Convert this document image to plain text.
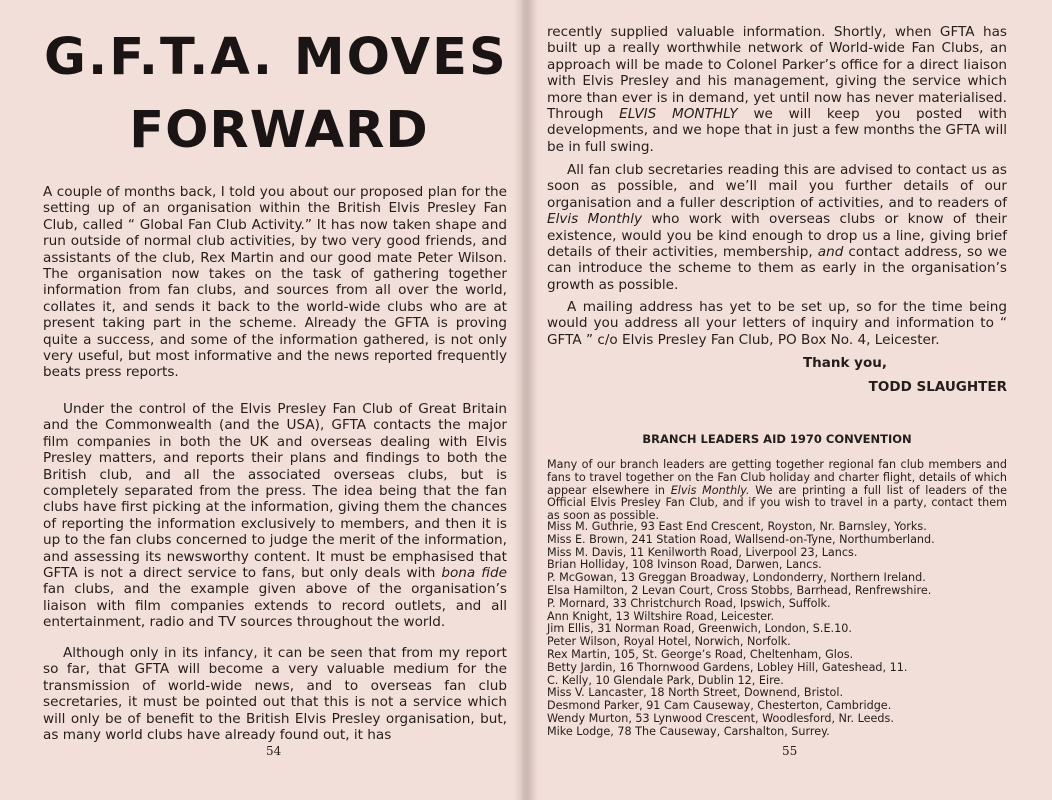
G.F.T.A. MOVES
FORWARD

A couple of months back, I told you about our proposed plan for the setting up of an organisation within the British Elvis Presley Fan Club, called “ Global Fan Club Activity.” It has now taken shape and run outside of normal club activities, by two very good friends, and assistants of the club, Rex Martin and our good mate Peter Wilson. The organisation now takes on the task of gathering together information from fan clubs, and sources from all over the world, collates it, and sends it back to the world-wide clubs who are at present taking part in the scheme. Already the GFTA is proving quite a success, and some of the information gathered, is not only very useful, but most informative and the news reported frequently beats press reports.

Under the control of the Elvis Presley Fan Club of Great Britain and the Commonwealth (and the USA), GFTA contacts the major film companies in both the UK and overseas dealing with Elvis Presley matters, and reports their plans and findings to both the British club, and all the associated overseas clubs, but is completely separated from the press. The idea being that the fan clubs have first picking at the information, giving them the chances of reporting the information exclusively to members, and then it is up to the fan clubs concerned to judge the merit of the information, and assessing its newsworthy content. It must be emphasised that GFTA is not a direct service to fans, but only deals with bona fide fan clubs, and the example given above of the organisation’s liaison with film companies extends to record outlets, and all entertainment, radio and TV sources throughout the world.

Although only in its infancy, it can be seen that from my report so far, that GFTA will become a very valuable medium for the transmission of world-wide news, and to overseas fan club secretaries, it must be pointed out that this is not a service which will only be of benefit to the British Elvis Presley organisation, but, as many world clubs have already found out, it has

54

recently supplied valuable information. Shortly, when GFTA has built up a really worthwhile network of World-wide Fan Clubs, an approach will be made to Colonel Parker’s office for a direct liaison with Elvis Presley and his management, giving the service which more than ever is in demand, yet until now has never materialised. Through ELVIS MONTHLY we will keep you posted with developments, and we hope that in just a few months the GFTA will be in full swing.

All fan club secretaries reading this are advised to contact us as soon as possible, and we’ll mail you further details of our organisation and a fuller description of activities, and to readers of Elvis Monthly who work with overseas clubs or know of their existence, would you be kind enough to drop us a line, giving brief details of their activities, membership, and contact address, so we can introduce the scheme to them as early in the organisation’s growth as possible.

A mailing address has yet to be set up, so for the time being would you address all your letters of inquiry and information to “ GFTA ” c/o Elvis Presley Fan Club, PO Box No. 4, Leicester.

Thank you,
TODD SLAUGHTER
BRANCH LEADERS AID 1970 CONVENTION

Many of our branch leaders are getting together regional fan club members and fans to travel together on the Fan Club holiday and charter flight, details of which appear elsewhere in Elvis Monthly. We are printing a full list of leaders of the Official Elvis Presley Fan Club, and if you wish to travel in a party, contact them as soon as possible.

Miss M. Guthrie, 93 East End Crescent, Royston, Nr. Barnsley, Yorks.
Miss E. Brown, 241 Station Road, Wallsend-on-Tyne, Northumberland.
Miss M. Davis, 11 Kenilworth Road, Liverpool 23, Lancs.
Brian Holliday, 108 Ivinson Road, Darwen, Lancs.
P. McGowan, 13 Greggan Broadway, Londonderry, Northern Ireland.
Elsa Hamilton, 2 Levan Court, Cross Stobbs, Barrhead, Renfrewshire.
P. Mornard, 33 Christchurch Road, Ipswich, Suffolk.
Ann Knight, 13 Wiltshire Road, Leicester.
Jim Ellis, 31 Norman Road, Greenwich, London, S.E.10.
Peter Wilson, Royal Hotel, Norwich, Norfolk.
Rex Martin, 105, St. George’s Road, Cheltenham, Glos.
Betty Jardin, 16 Thornwood Gardens, Lobley Hill, Gateshead, 11.
C. Kelly, 10 Glendale Park, Dublin 12, Eire.
Miss V. Lancaster, 18 North Street, Downend, Bristol.
Desmond Parker, 91 Cam Causeway, Chesterton, Cambridge.
Wendy Murton, 53 Lynwood Crescent, Woodlesford, Nr. Leeds.
Mike Lodge, 78 The Causeway, Carshalton, Surrey.
55
